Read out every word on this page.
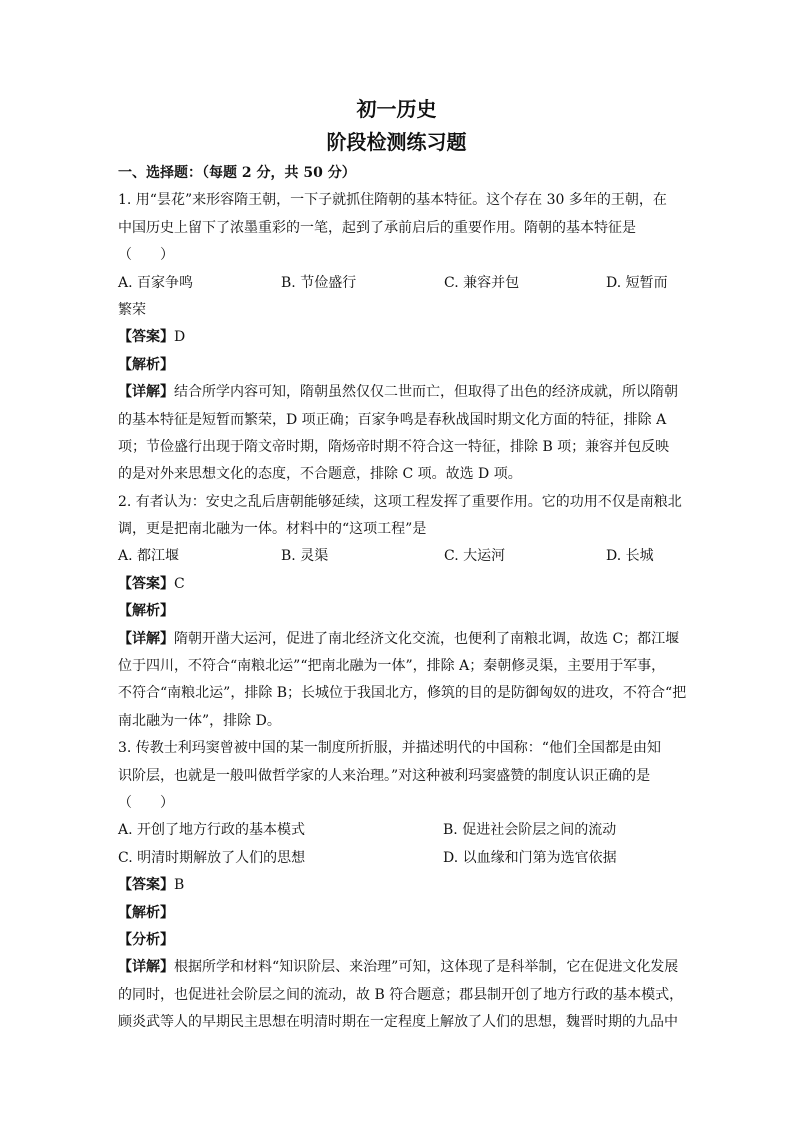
初一历史
阶段检测练习题
一、选择题：（每题 2 分，共 50 分）
1. 用“昙花”来形容隋王朝，一下子就抓住隋朝的基本特征。这个存在 30 多年的王朝，在
中国历史上留下了浓墨重彩的一笔，起到了承前启后的重要作用。隋朝的基本特征是
（　　）
A. 百家争鸣	B. 节俭盛行	C. 兼容并包	D. 短暂而
繁荣
【答案】D
【解析】
【详解】结合所学内容可知，隋朝虽然仅仅二世而亡，但取得了出色的经济成就，所以隋朝
的基本特征是短暂而繁荣，D 项正确；百家争鸣是春秋战国时期文化方面的特征，排除 A
项；节俭盛行出现于隋文帝时期，隋炀帝时期不符合这一特征，排除 B 项；兼容并包反映
的是对外来思想文化的态度，不合题意，排除 C 项。故选 D 项。
2. 有者认为：安史之乱后唐朝能够延续，这项工程发挥了重要作用。它的功用不仅是南粮北
调，更是把南北融为一体。材料中的“这项工程”是
A. 都江堰	B. 灵渠	C. 大运河	D. 长城
【答案】C
【解析】
【详解】隋朝开凿大运河，促进了南北经济文化交流，也便利了南粮北调，故选 C；都江堰
位于四川，不符合“南粮北运”“把南北融为一体”，排除 A；秦朝修灵渠，主要用于军事，
不符合“南粮北运”，排除 B；长城位于我国北方，修筑的目的是防御匈奴的进攻，不符合“把
南北融为一体”，排除 D。
3. 传教士利玛窦曾被中国的某一制度所折服，并描述明代的中国称：“他们全国都是由知
识阶层，也就是一般叫做哲学家的人来治理。”对这种被利玛窦盛赞的制度认识正确的是
（　　）
A. 开创了地方行政的基本模式	B. 促进社会阶层之间的流动
C. 明清时期解放了人们的思想	D. 以血缘和门第为选官依据
【答案】B
【解析】
【分析】
【详解】根据所学和材料“知识阶层、来治理”可知，这体现了是科举制，它在促进文化发展
的同时，也促进社会阶层之间的流动，故 B 符合题意；郡县制开创了地方行政的基本模式，
顾炎武等人的早期民主思想在明清时期在一定程度上解放了人们的思想，魏晋时期的九品中
